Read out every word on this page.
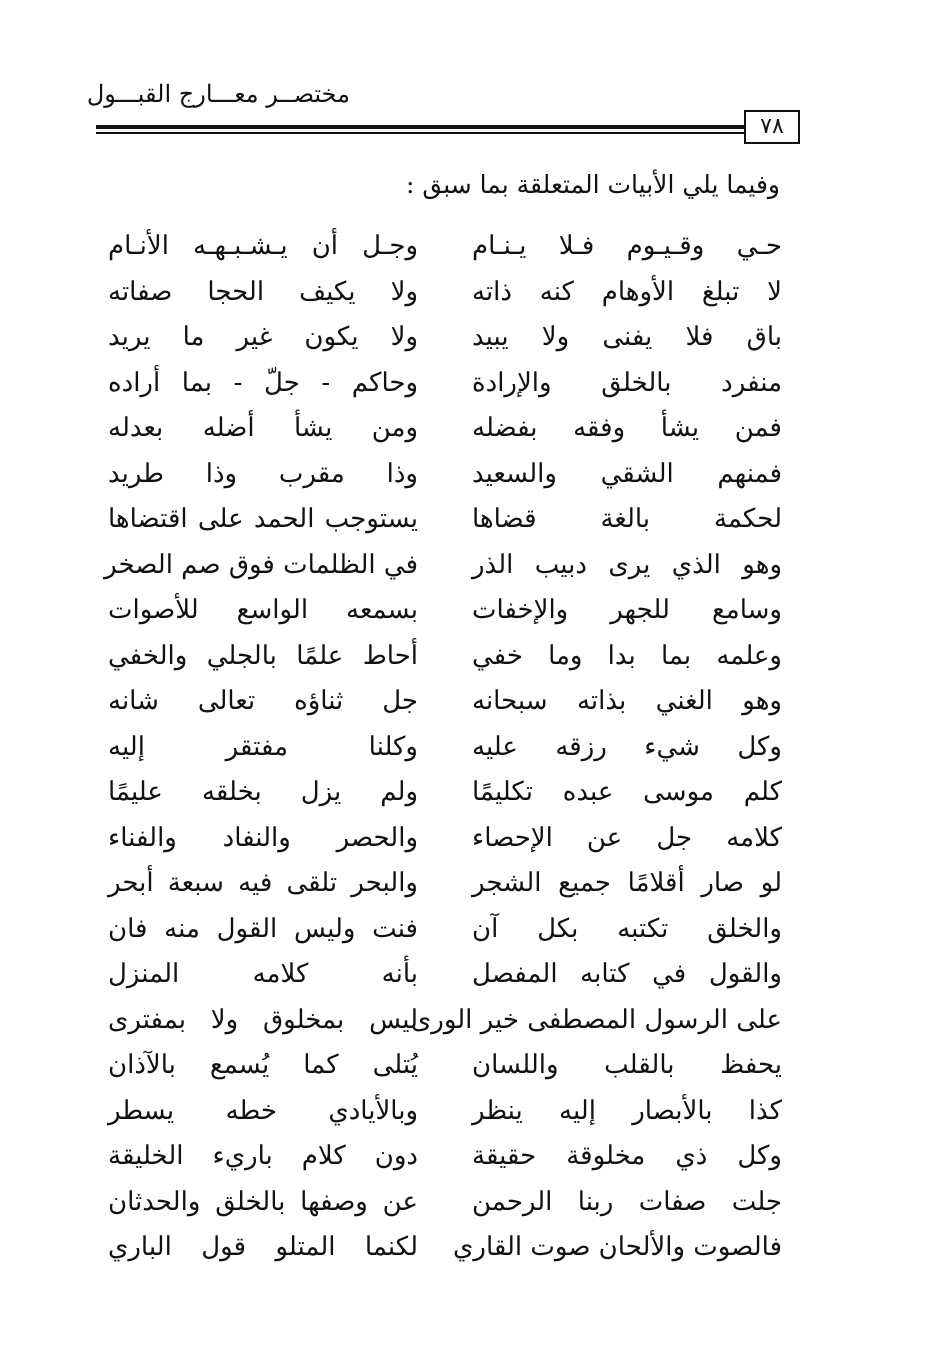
مختصــر معـــارج القبـــول
٧٨
وفيما يلي الأبيات المتعلقة بما سبق :
حـي وقـيـوم فـلا يـنـام
وجـل أن يـشـبـهـه الأنـام
لا تبلغ الأوهام كنه ذاته
ولا يكيف الحجا صفاته
باق فلا يفنى ولا يبيد
ولا يكون غير ما يريد
منفرد بالخلق والإرادة
وحاكم - جلّ - بما أراده
فمن يشأ وفقه بفضله
ومن يشأ أضله بعدله
فمنهم الشقي والسعيد
وذا مقرب وذا طريد
لحكمة بالغة قضاها
يستوجب الحمد على اقتضاها
وهو الذي يرى دبيب الذر
في الظلمات فوق صم الصخر
وسامع للجهر والإخفات
بسمعه الواسع للأصوات
وعلمه بما بدا وما خفي
أحاط علمًا بالجلي والخفي
وهو الغني بذاته سبحانه
جل ثناؤه تعالى شانه
وكل شيء رزقه عليه
وكلنا مفتقر إليه
كلم موسى عبده تكليمًا
ولم يزل بخلقه عليمًا
كلامه جل عن الإحصاء
والحصر والنفاد والفناء
لو صار أقلامًا جميع الشجر
والبحر تلقى فيه سبعة أبحر
والخلق تكتبه بكل آن
فنت وليس القول منه فان
والقول في كتابه المفصل
بأنه كلامه المنزل
على الرسول المصطفى خير الورى
ليس بمخلوق ولا بمفترى
يحفظ بالقلب واللسان
يُتلى كما يُسمع بالآذان
كذا بالأبصار إليه ينظر
وبالأيادي خطه يسطر
وكل ذي مخلوقة حقيقة
دون كلام باريء الخليقة
جلت صفات ربنا الرحمن
عن وصفها بالخلق والحدثان
فالصوت والألحان صوت القاري
لكنما المتلو قول الباري
